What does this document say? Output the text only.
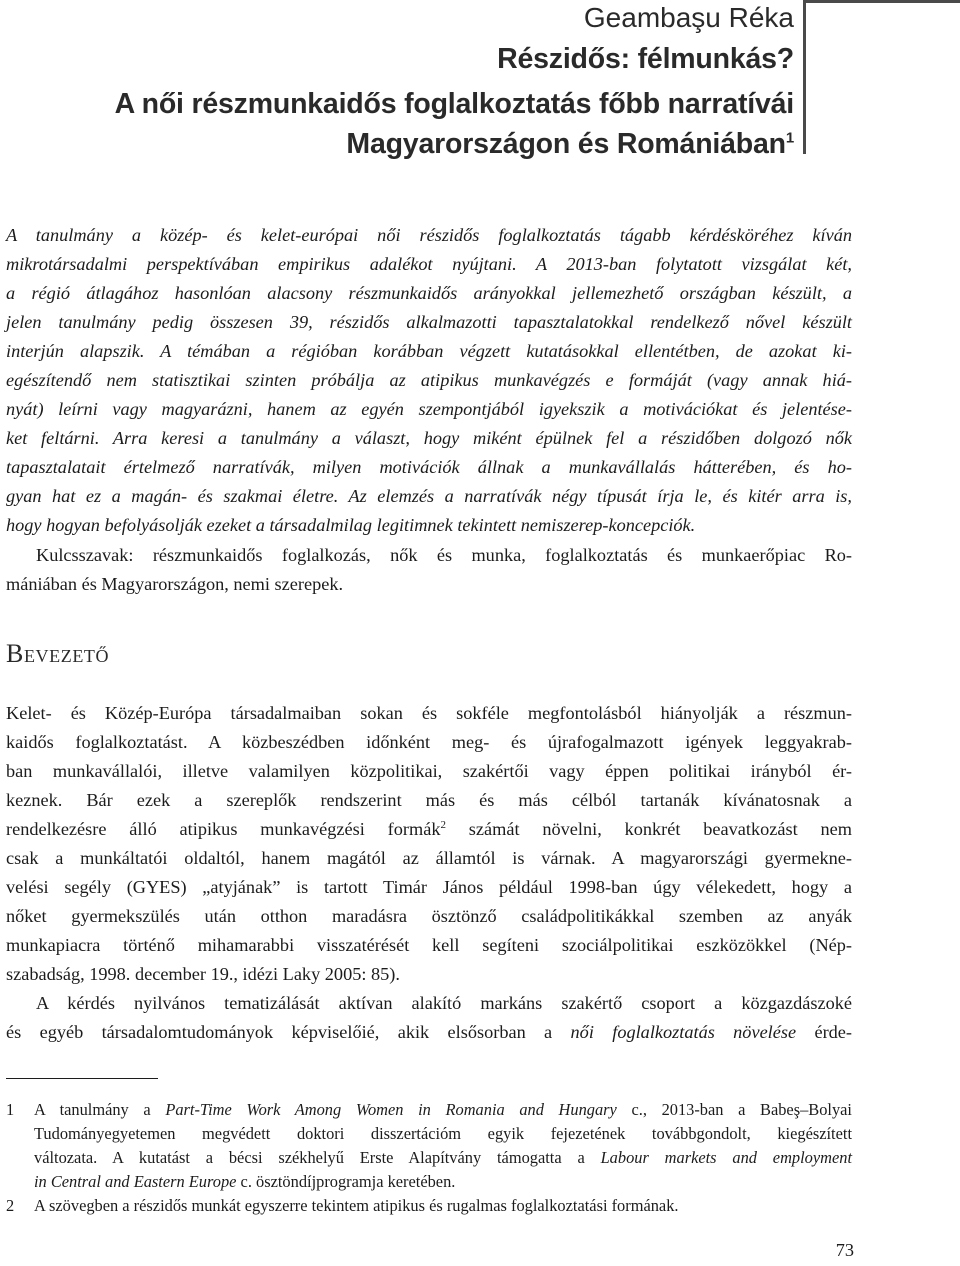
Geambaşu Réka
Részidős: félmunkás?
A női részmunkaidős foglalkoztatás főbb narratívái
Magyarországon és Romániában$^1$
A tanulmány a közép- és kelet-európai női részidős foglalkoztatás tágabb kérdésköréhez kíván
mikrotársadalmi perspektívában empirikus adalékot nyújtani. A 2013-ban folytatott vizsgálat két,
a régió átlagához hasonlóan alacsony részmunkaidős arányokkal jellemezhető országban készült, a
jelen tanulmány pedig összesen 39, részidős alkalmazotti tapasztalatokkal rendelkező nővel készült
interjún alapszik. A témában a régióban korábban végzett kutatásokkal ellentétben, de azokat ki-
egészítendő nem statisztikai szinten próbálja az atipikus munkavégzés e formáját (vagy annak hiá-
nyát) leírni vagy magyarázni, hanem az egyén szempontjából igyekszik a motivációkat és jelentése-
ket feltárni. Arra keresi a tanulmány a választ, hogy miként épülnek fel a részidőben dolgozó nők
tapasztalatait értelmező narratívák, milyen motivációk állnak a munkavállalás hátterében, és ho-
gyan hat ez a magán- és szakmai életre. Az elemzés a narratívák négy típusát írja le, és kitér arra is,
hogy hogyan befolyásolják ezeket a társadalmilag legitimnek tekintett nemiszerep-koncepciók.
Kulcsszavak: részmunkaidős foglalkozás, nők és munka, foglalkoztatás és munkaerőpiac Ro-
mániában és Magyarországon, nemi szerepek.
Bevezető
Kelet- és Közép-Európa társadalmaiban sokan és sokféle megfontolásból hiányolják a részmun-
kaidős foglalkoztatást. A közbeszédben időnként meg- és újrafogalmazott igények leggyakrab-
ban munkavállalói, illetve valamilyen közpolitikai, szakértői vagy éppen politikai irányból ér-
keznek. Bár ezek a szereplők rendszerint más és más célból tartanák kívánatosnak a
rendelkezésre álló atipikus munkavégzési formák$^2$ számát növelni, konkrét beavatkozást nem
csak a munkáltatói oldaltól, hanem magától az államtól is várnak. A magyarországi gyermekne-
velési segély (GYES) „atyjának” is tartott Timár János például 1998-ban úgy vélekedett, hogy a
nőket gyermekszülés után otthon maradásra ösztönző családpolitikákkal szemben az anyák
munkapiacra történő mihamarabbi visszatérését kell segíteni szociálpolitikai eszközökkel (Nép-
szabadság, 1998. december 19., idézi Laky 2005: 85).
A kérdés nyilvános tematizálását aktívan alakító markáns szakértő csoport a közgazdászoké
és egyéb társadalomtudományok képviselőié, akik elsősorban a női foglalkoztatás növelése érde-
1	A tanulmány a Part-Time Work Among Women in Romania and Hungary c., 2013-ban a Babeş–Bolyai
Tudományegyetemen megvédett doktori disszertációm egyik fejezetének továbbgondolt, kiegészített
változata. A kutatást a bécsi székhelyű Erste Alapítvány támogatta a Labour markets and employment
in Central and Eastern Europe c. ösztöndíjprogramja keretében.
2	A szövegben a részidős munkát egyszerre tekintem atipikus és rugalmas foglalkoztatási formának.
73
